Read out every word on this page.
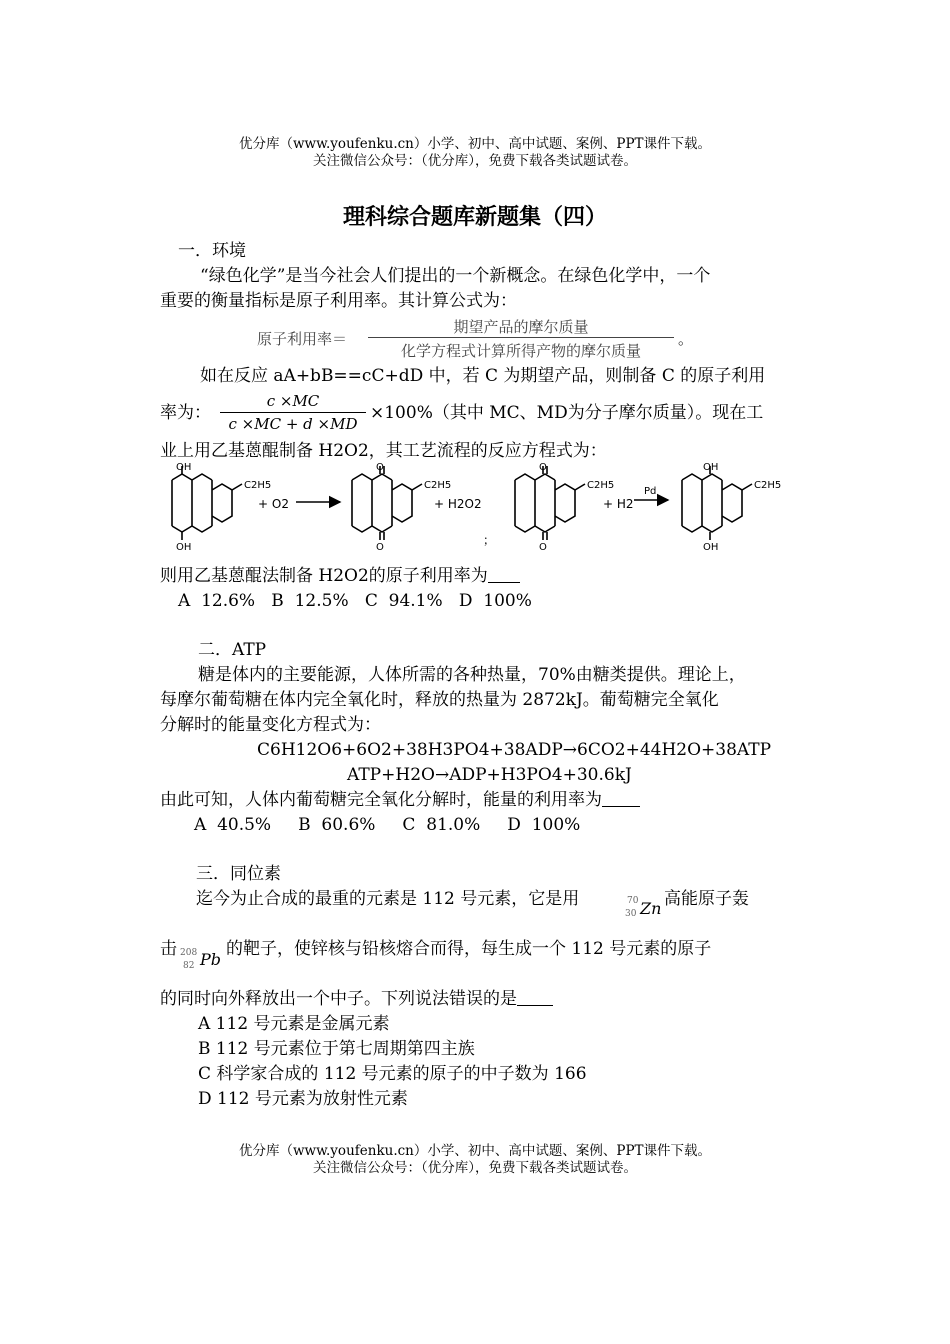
优分库（www.youfenku.cn）小学、初中、高中试题、案例、PPT课件下载。
关注微信公众号：（优分库），免费下载各类试题试卷。
理科综合题库新题集（四）
一．环境
“绿色化学”是当今社会人们提出的一个新概念。在绿色化学中，一个
重要的衡量指标是原子利用率。其计算公式为：
原子利用率＝
期望产品的摩尔质量
化学方程式计算所得产物的摩尔质量
。
如在反应 aA+bB==cC+dD 中，若 C 为期望产品，则制备 C 的原子利用
率为：
c ×MC
c ×MC + d ×MD
×100%（其中 MC、MD为分子摩尔质量）。现在工
业上用乙基蒽醌制备 H2O2，其工艺流程的反应方程式为：
OH
OH
C2H5
+ O2
O
O
C2H5
+ H2O2
；
O
O
C2H5
+ H2
Pd
OH
OH
C2H5
则用乙基蒽醌法制备 H2O2的原子利用率为
A  12.6%   B  12.5%   C  94.1%   D  100%
二．ATP
糖是体内的主要能源，人体所需的各种热量，70%由糖类提供。理论上，
每摩尔葡萄糖在体内完全氧化时，释放的热量为 2872kJ。葡萄糖完全氧化
分解时的能量变化方程式为：
C6H12O6+6O2+38H3PO4+38ADP→6CO2+44H2O+38ATP
ATP+H2O→ADP+H3PO4+30.6kJ
由此可知，人体内葡萄糖完全氧化分解时，能量的利用率为
A  40.5%     B  60.6%     C  81.0%     D  100%
三．同位素
迄今为止合成的最重的元素是 112 号元素，它是用	70
30 Zn 高能原子轰
击 208
82 Pb
的靶子，使锌核与铅核熔合而得，每生成一个 112 号元素的原子
的同时向外释放出一个中子。下列说法错误的是
A 112 号元素是金属元素
B 112 号元素位于第七周期第四主族
C 科学家合成的 112 号元素的原子的中子数为 166
D 112 号元素为放射性元素
优分库（www.youfenku.cn）小学、初中、高中试题、案例、PPT课件下载。
关注微信公众号：（优分库），免费下载各类试题试卷。
